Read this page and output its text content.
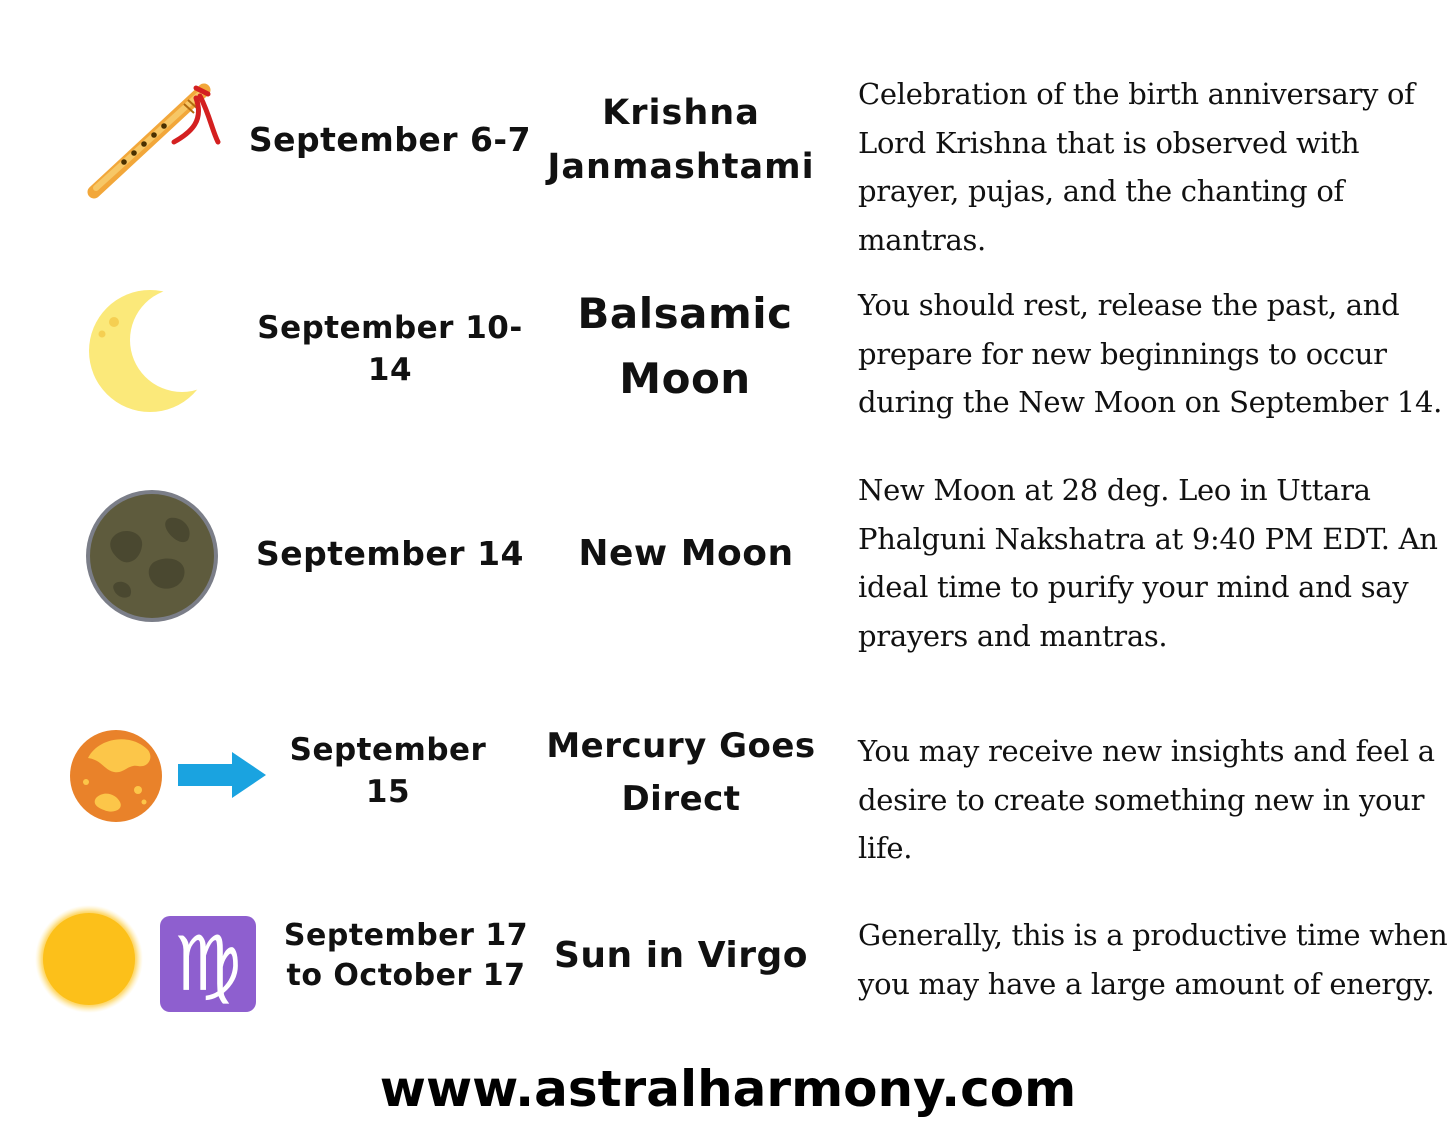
September 6-7
Krishna Janmashtami
Celebration of the birth anniversary of Lord Krishna that is observed with prayer, pujas, and the chanting of mantras.
September 10-14
Balsamic Moon
You should rest, release the past, and prepare for new beginnings to occur during the New Moon on September 14.
September 14	New Moon
New Moon at 28 deg. Leo in Uttara Phalguni Nakshatra at 9:40 PM EDT. An ideal time to purify your mind and say prayers and mantras.
September 15
Mercury Goes Direct
You may receive new insights and feel a desire to create something new in your life.
♍	September 17 to October 17 Sun in Virgo
Generally, this is a productive time when you may have a large amount of energy.
www.astralharmony.com
